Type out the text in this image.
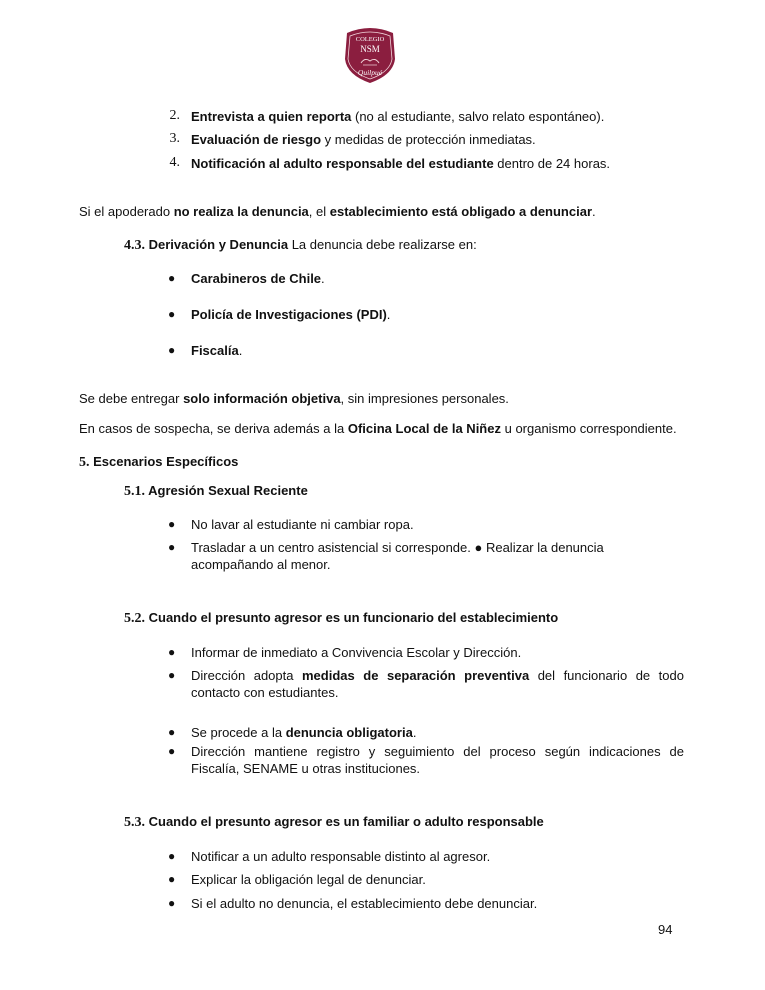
COLEGIO
NSM
Quilpué
2. Entrevista a quien reporta (no al estudiante, salvo relato espontáneo).
3. Evaluación de riesgo y medidas de protección inmediatas.
4. Notificación al adulto responsable del estudiante dentro de 24 horas.
Si el apoderado no realiza la denuncia, el establecimiento está obligado a denunciar.
4.3. Derivación y Denuncia La denuncia debe realizarse en:
● Carabineros de Chile.
● Policía de Investigaciones (PDI).
● Fiscalía.
Se debe entregar solo información objetiva, sin impresiones personales.
En casos de sospecha, se deriva además a la Oficina Local de la Niñez u organismo correspondiente.
5. Escenarios Específicos
5.1. Agresión Sexual Reciente
● No lavar al estudiante ni cambiar ropa.
● Trasladar a un centro asistencial si corresponde. ● Realizar la denuncia acompañando al menor.
5.2. Cuando el presunto agresor es un funcionario del establecimiento
● Informar de inmediato a Convivencia Escolar y Dirección.
● Dirección adopta medidas de separación preventiva del funcionario de todo contacto con estudiantes.
● Se procede a la denuncia obligatoria.
● Dirección mantiene registro y seguimiento del proceso según indicaciones de Fiscalía, SENAME u otras instituciones.
5.3. Cuando el presunto agresor es un familiar o adulto responsable
● Notificar a un adulto responsable distinto al agresor.
● Explicar la obligación legal de denunciar.
● Si el adulto no denuncia, el establecimiento debe denunciar.
94
